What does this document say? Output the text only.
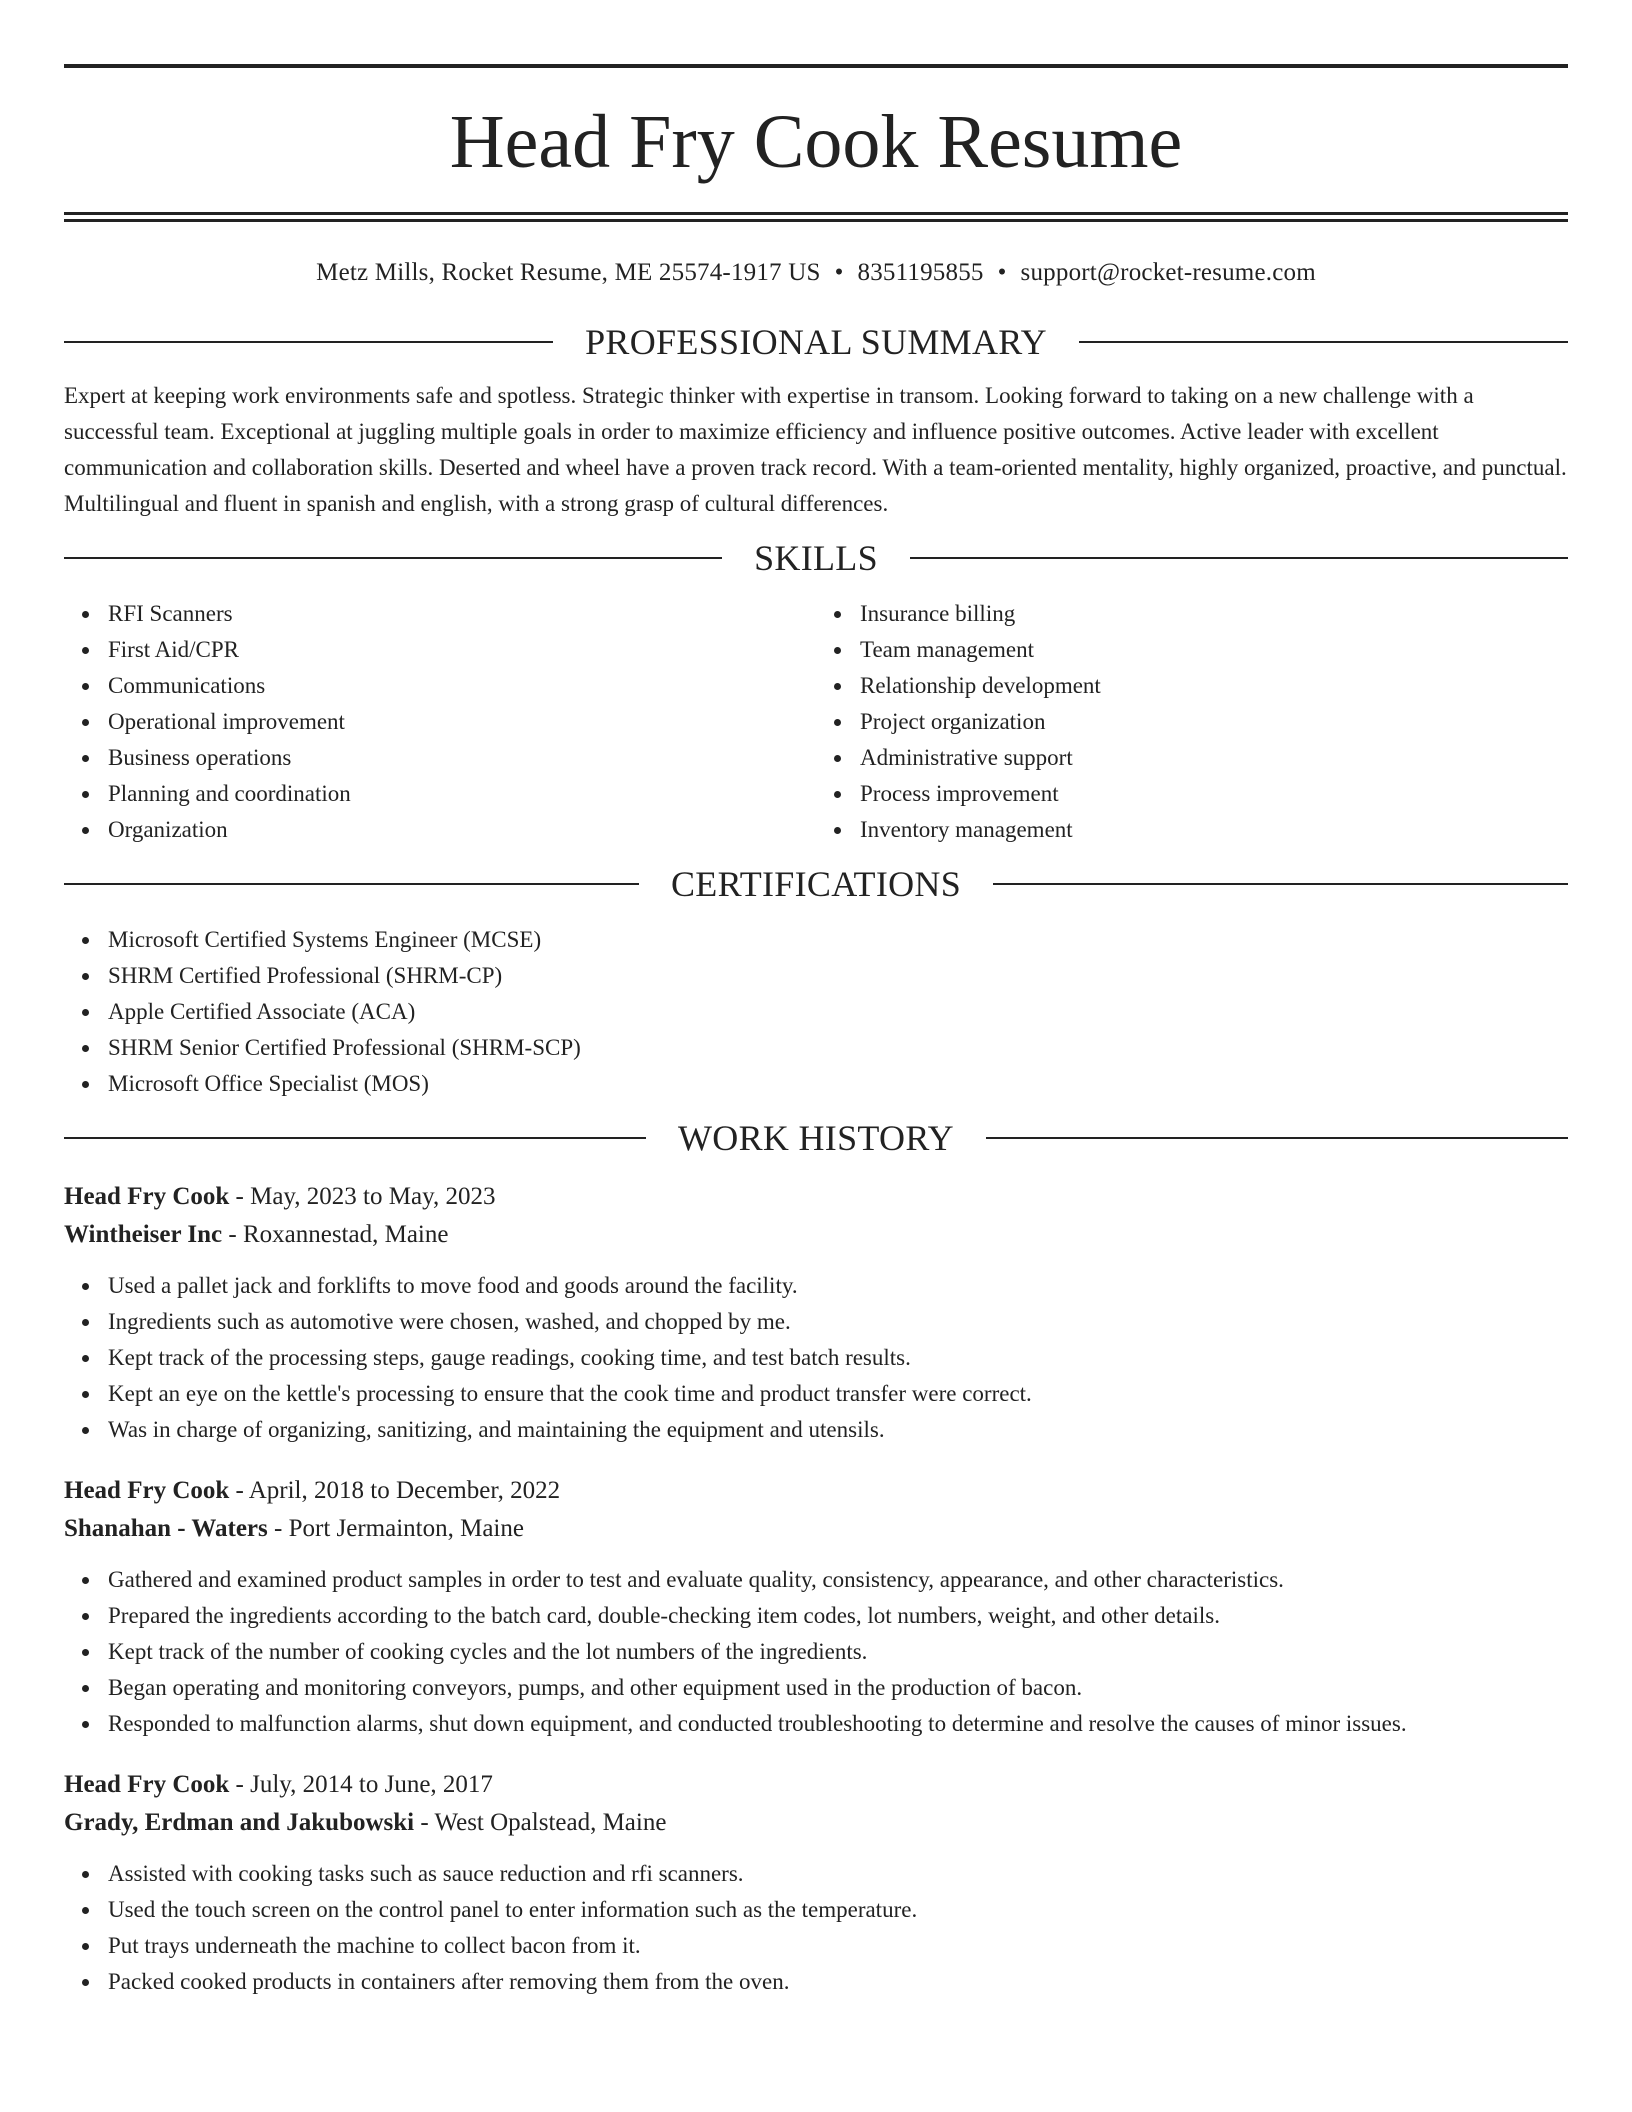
Head Fry Cook Resume
Metz Mills, Rocket Resume, ME 25574-1917 US • 8351195855 • support@rocket-resume.com
PROFESSIONAL SUMMARY

Expert at keeping work environments safe and spotless. Strategic thinker with expertise in transom. Looking forward to taking on a new challenge with a successful team. Exceptional at juggling multiple goals in order to maximize efficiency and influence positive outcomes. Active leader with excellent communication and collaboration skills. Deserted and wheel have a proven track record. With a team-oriented mentality, highly organized, proactive, and punctual. Multilingual and fluent in spanish and english, with a strong grasp of cultural differences.

SKILLS
RFI Scanners
First Aid/CPR
Communications
Operational improvement
Business operations
Planning and coordination
Organization
Insurance billing
Team management
Relationship development
Project organization
Administrative support
Process improvement
Inventory management
CERTIFICATIONS
Microsoft Certified Systems Engineer (MCSE)
SHRM Certified Professional (SHRM-CP)
Apple Certified Associate (ACA)
SHRM Senior Certified Professional (SHRM-SCP)
Microsoft Office Specialist (MOS)
WORK HISTORY
Head Fry Cook - May, 2023 to May, 2023
Wintheiser Inc - Roxannestad, Maine
Used a pallet jack and forklifts to move food and goods around the facility.
Ingredients such as automotive were chosen, washed, and chopped by me.
Kept track of the processing steps, gauge readings, cooking time, and test batch results.
Kept an eye on the kettle's processing to ensure that the cook time and product transfer were correct.
Was in charge of organizing, sanitizing, and maintaining the equipment and utensils.
Head Fry Cook - April, 2018 to December, 2022
Shanahan - Waters - Port Jermainton, Maine
Gathered and examined product samples in order to test and evaluate quality, consistency, appearance, and other characteristics.
Prepared the ingredients according to the batch card, double-checking item codes, lot numbers, weight, and other details.
Kept track of the number of cooking cycles and the lot numbers of the ingredients.
Began operating and monitoring conveyors, pumps, and other equipment used in the production of bacon.
Responded to malfunction alarms, shut down equipment, and conducted troubleshooting to determine and resolve the causes of minor issues.
Head Fry Cook - July, 2014 to June, 2017
Grady, Erdman and Jakubowski - West Opalstead, Maine
Assisted with cooking tasks such as sauce reduction and rfi scanners.
Used the touch screen on the control panel to enter information such as the temperature.
Put trays underneath the machine to collect bacon from it.
Packed cooked products in containers after removing them from the oven.
